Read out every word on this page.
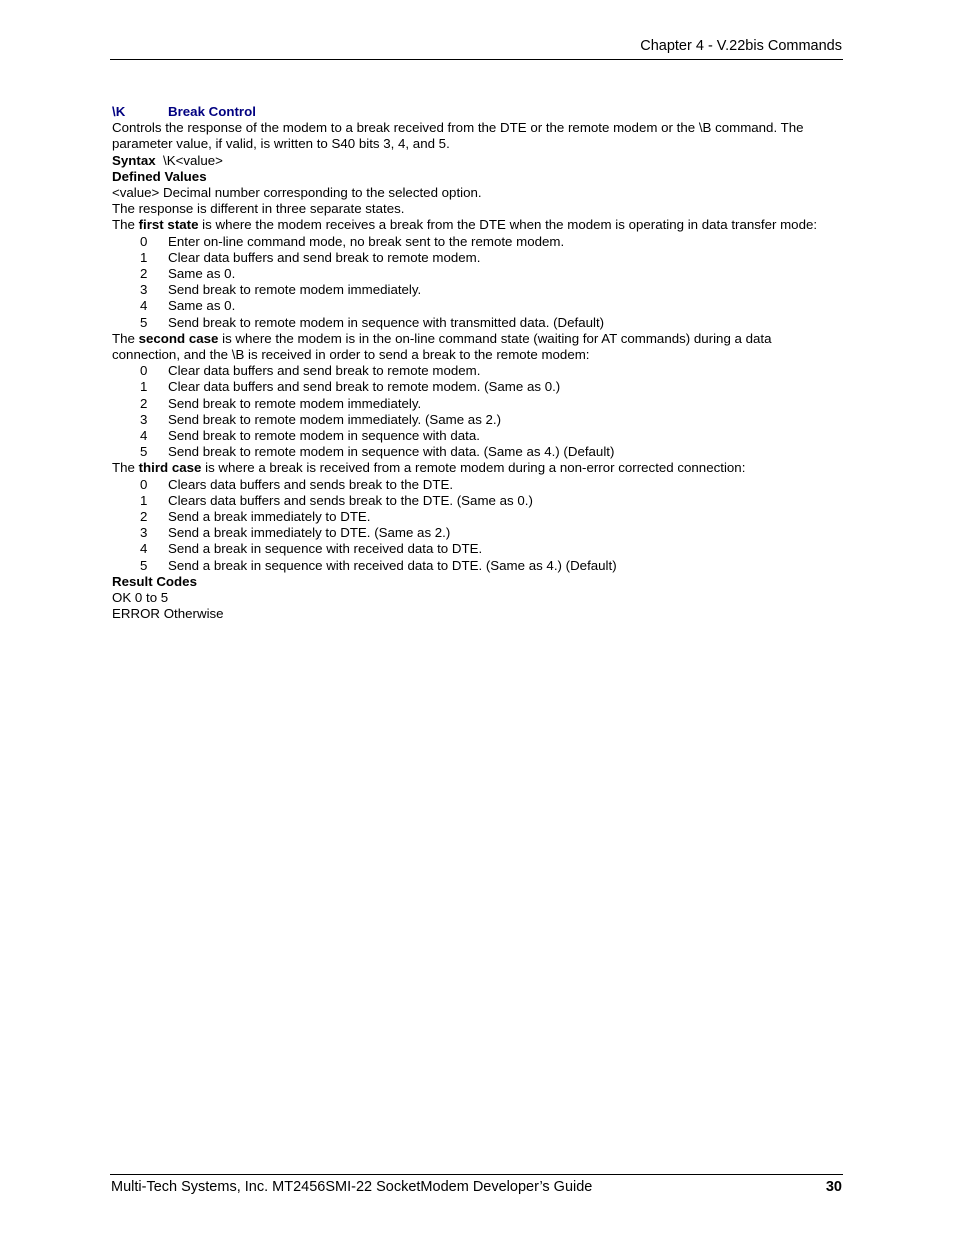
Chapter 4 - V.22bis Commands
\K	Break Control
Controls the response of the modem to a break received from the DTE or the remote modem or the \B command. The parameter value, if valid, is written to S40 bits 3, 4, and 5.
Syntax \K<value>
Defined Values
<value> Decimal number corresponding to the selected option.
The response is different in three separate states.
The first state is where the modem receives a break from the DTE when the modem is operating in data transfer mode:
0 Enter on-line command mode, no break sent to the remote modem.
1 Clear data buffers and send break to remote modem.
2 Same as 0.
3 Send break to remote modem immediately.
4 Same as 0.
5 Send break to remote modem in sequence with transmitted data. (Default)
The second case is where the modem is in the on-line command state (waiting for AT commands) during a data connection, and the \B is received in order to send a break to the remote modem:
0 Clear data buffers and send break to remote modem.
1 Clear data buffers and send break to remote modem. (Same as 0.)
2 Send break to remote modem immediately.
3 Send break to remote modem immediately. (Same as 2.)
4 Send break to remote modem in sequence with data.
5 Send break to remote modem in sequence with data. (Same as 4.) (Default)
The third case is where a break is received from a remote modem during a non-error corrected connection:
0 Clears data buffers and sends break to the DTE.
1 Clears data buffers and sends break to the DTE. (Same as 0.)
2 Send a break immediately to DTE.
3 Send a break immediately to DTE. (Same as 2.)
4 Send a break in sequence with received data to DTE.
5 Send a break in sequence with received data to DTE. (Same as 4.) (Default)
Result Codes
OK 0 to 5
ERROR Otherwise
Multi-Tech Systems, Inc. MT2456SMI-22 SocketModem Developer’s Guide	30
